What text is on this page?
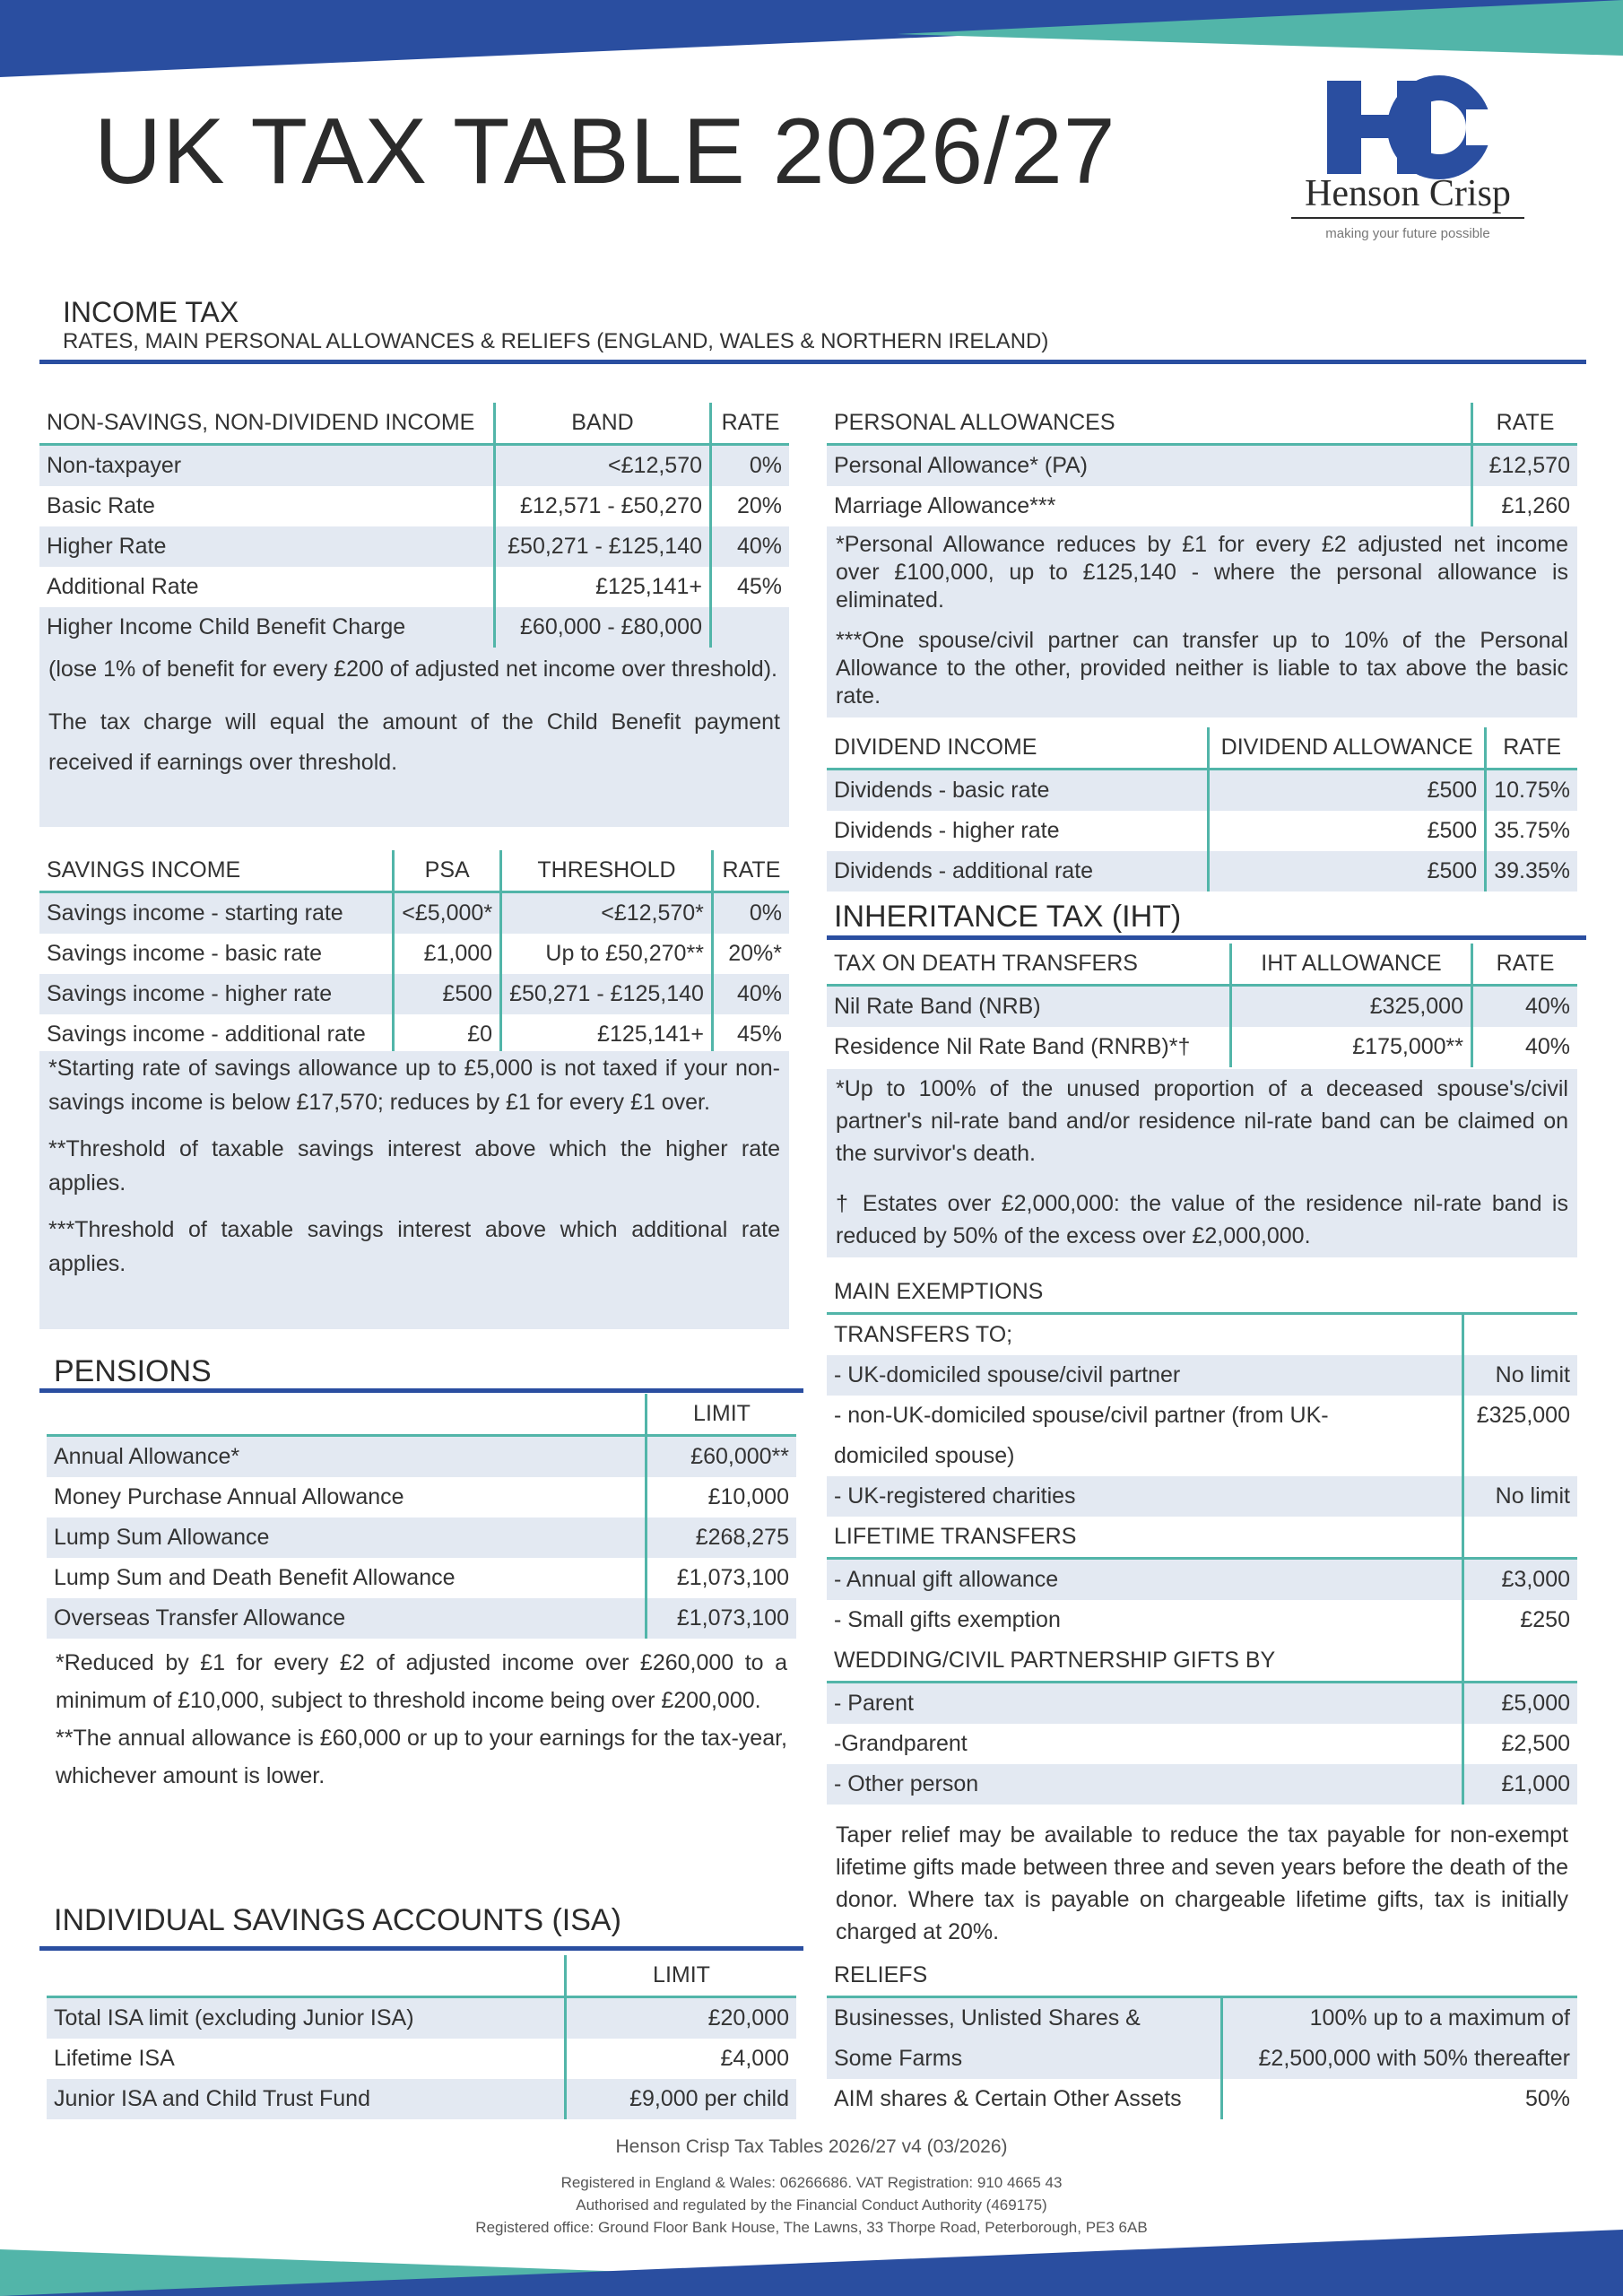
UK TAX TABLE 2026/27	Henson Crisp
making your future possible
INCOME TAX
RATES, MAIN PERSONAL ALLOWANCES & RELIEFS (ENGLAND, WALES & NORTHERN IRELAND)
NON-SAVINGS, NON-DIVIDEND INCOME	BAND	RATE
Non-taxpayer	<£12,570	0%
Basic Rate	£12,571 - £50,270	20%
Higher Rate	£50,271 - £125,140	40%
Additional Rate	£125,141+	45%
Higher Income Child Benefit Charge	£60,000 - £80,000	

(lose 1% of benefit for every £200 of adjusted net income over threshold).

The tax charge will equal the amount of the Child Benefit payment received if earnings over threshold.

SAVINGS INCOME	PSA	THRESHOLD	RATE
Savings income - starting rate	<£5,000*	<£12,570*	0%
Savings income - basic rate	£1,000	Up to £50,270**	20%*
Savings income - higher rate	£500	£50,271 - £125,140	40%
Savings income - additional rate	£0	£125,141+	45%

*Starting rate of savings allowance up to £5,000 is not taxed if your non-savings income is below £17,570; reduces by £1 for every £1 over.

**Threshold of taxable savings interest above which the higher rate applies.

***Threshold of taxable savings interest above which additional rate applies.

PENSIONS
	LIMIT
Annual Allowance*	£60,000**
Money Purchase Annual Allowance	£10,000
Lump Sum Allowance	£268,275
Lump Sum and Death Benefit Allowance	£1,073,100
Overseas Transfer Allowance	£1,073,100

*Reduced by £1 for every £2 of adjusted income over £260,000 to a minimum of £10,000, subject to threshold income being over £200,000.

**The annual allowance is £60,000 or up to your earnings for the tax-year, whichever amount is lower.

INDIVIDUAL SAVINGS ACCOUNTS (ISA)
	LIMIT
Total ISA limit (excluding Junior ISA)	£20,000
Lifetime ISA	£4,000
Junior ISA and Child Trust Fund	£9,000 per child
PERSONAL ALLOWANCES	RATE
Personal Allowance* (PA)	£12,570
Marriage Allowance***	£1,260

*Personal Allowance reduces by £1 for every £2 adjusted net income over £100,000, up to £125,140 - where the personal allowance is eliminated.

***One spouse/civil partner can transfer up to 10% of the Personal Allowance to the other, provided neither is liable to tax above the basic rate.

DIVIDEND INCOME	DIVIDEND ALLOWANCE	RATE
Dividends - basic rate	£500	10.75%
Dividends - higher rate	£500	35.75%
Dividends - additional rate	£500	39.35%
INHERITANCE TAX (IHT)
TAX ON DEATH TRANSFERS	IHT ALLOWANCE	RATE
Nil Rate Band (NRB)	£325,000	40%
Residence Nil Rate Band (RNRB)*†	£175,000**	40%

*Up to 100% of the unused proportion of a deceased spouse's/civil partner's nil-rate band and/or residence nil-rate band can be claimed on the survivor's death.

† Estates over £2,000,000: the value of the residence nil-rate band is reduced by 50% of the excess over £2,000,000.

MAIN EXEMPTIONS	
TRANSFERS TO;	
- UK-domiciled spouse/civil partner	No limit
- non-UK-domiciled spouse/civil partner (from UK-	£325,000
domiciled spouse)	
- UK-registered charities	No limit
LIFETIME TRANSFERS	
- Annual gift allowance	£3,000
- Small gifts exemption	£250
WEDDING/CIVIL PARTNERSHIP GIFTS BY	
- Parent	£5,000
-Grandparent	£2,500
- Other person	£1,000
Taper relief may be available to reduce the tax payable for non-exempt lifetime gifts made between three and seven years before the death of the donor. Where tax is payable on chargeable lifetime gifts, tax is initially charged at 20%.
RELIEFS	
Businesses, Unlisted Shares &	100% up to a maximum of
Some Farms	£2,500,000 with 50% thereafter
AIM shares & Certain Other Assets	50%
Henson Crisp Tax Tables 2026/27 v4 (03/2026)
Registered in England & Wales: 06266686. VAT Registration: 910 4665 43
Authorised and regulated by the Financial Conduct Authority (469175)
Registered office: Ground Floor Bank House, The Lawns, 33 Thorpe Road, Peterborough, PE3 6AB
